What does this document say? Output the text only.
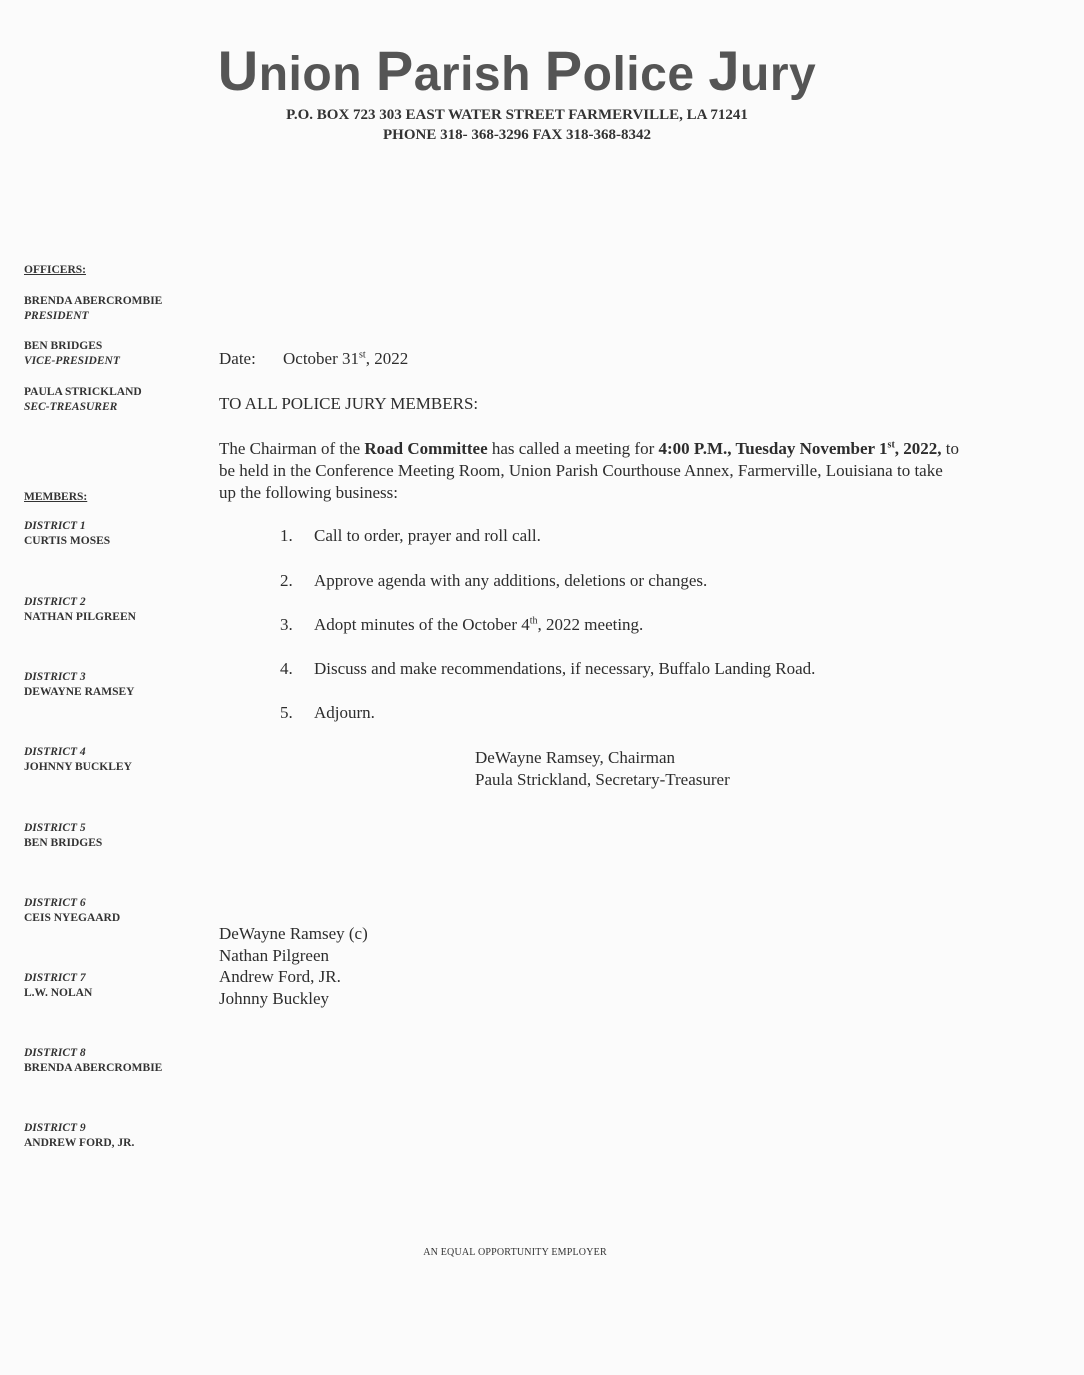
Union Parish Police Jury
P.O. BOX 723 303 EAST WATER STREET FARMERVILLE, LA 71241
PHONE 318- 368-3296 FAX 318-368-8342
OFFICERS:
BRENDA ABERCROMBIE
PRESIDENT
BEN BRIDGES
VICE-PRESIDENT
PAULA STRICKLAND
SEC-TREASURER
MEMBERS:
DISTRICT 1
CURTIS MOSES
DISTRICT 2
NATHAN PILGREEN
DISTRICT 3
DEWAYNE RAMSEY
DISTRICT 4
JOHNNY BUCKLEY
DISTRICT 5
BEN BRIDGES
DISTRICT 6
CEIS NYEGAARD
DISTRICT 7
L.W. NOLAN
DISTRICT 8
BRENDA ABERCROMBIE
DISTRICT 9
ANDREW FORD, JR.
Date: October 31st, 2022
TO ALL POLICE JURY MEMBERS:
The Chairman of the Road Committee has called a meeting for 4:00 P.M., Tuesday November 1st, 2022, to be held in the Conference Meeting Room, Union Parish Courthouse Annex, Farmerville, Louisiana to take up the following business:
1. Call to order, prayer and roll call.
2. Approve agenda with any additions, deletions or changes.
3. Adopt minutes of the October 4th, 2022 meeting.
4. Discuss and make recommendations, if necessary, Buffalo Landing Road.
5. Adjourn.
DeWayne Ramsey, Chairman
Paula Strickland, Secretary-Treasurer
DeWayne Ramsey (c)
Nathan Pilgreen
Andrew Ford, JR.
Johnny Buckley
AN EQUAL OPPORTUNITY EMPLOYER
